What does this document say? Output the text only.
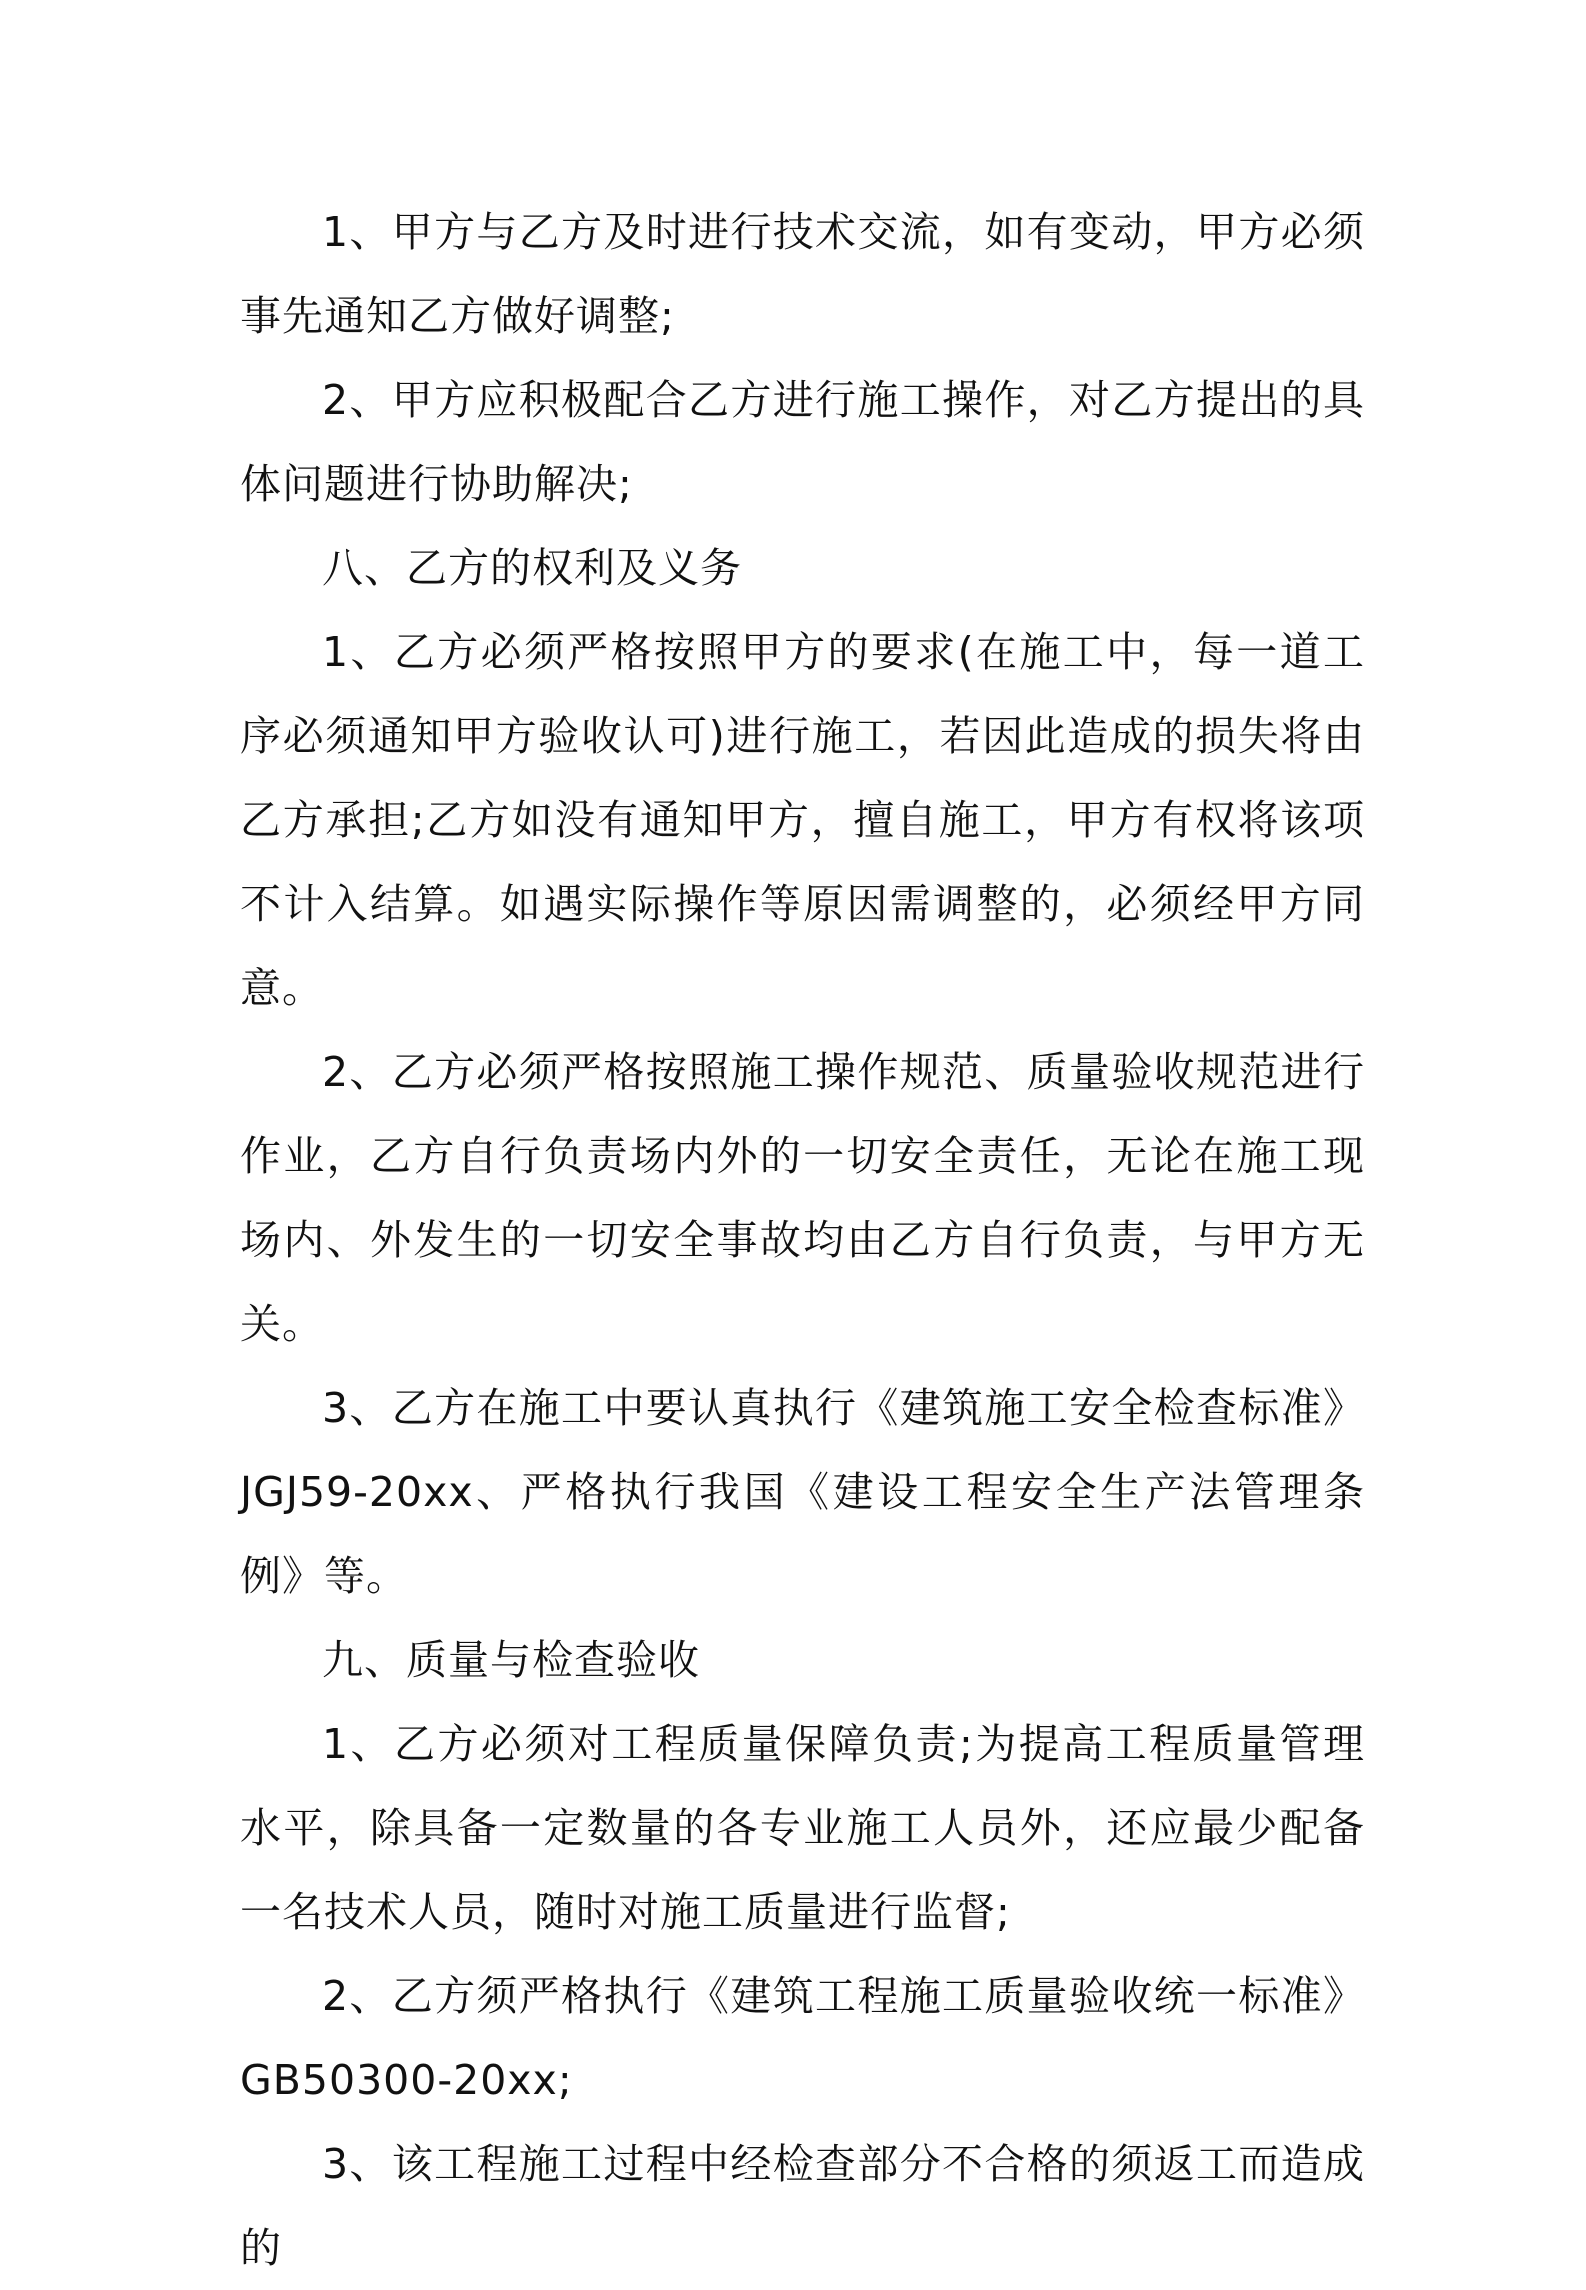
1、甲方与乙方及时进行技术交流，如有变动，甲方必须事先通知乙方做好调整;

2、甲方应积极配合乙方进行施工操作，对乙方提出的具体问题进行协助解决;

八、乙方的权利及义务

1、乙方必须严格按照甲方的要求(在施工中，每一道工序必须通知甲方验收认可)进行施工，若因此造成的损失将由乙方承担;乙方如没有通知甲方，擅自施工，甲方有权将该项不计入结算。如遇实际操作等原因需调整的，必须经甲方同意。

2、乙方必须严格按照施工操作规范、质量验收规范进行作业，乙方自行负责场内外的一切安全责任，无论在施工现场内、外发生的一切安全事故均由乙方自行负责，与甲方无关。

3、乙方在施工中要认真执行《建筑施工安全检查标准》JGJ59-20xx、严格执行我国《建设工程安全生产法管理条例》等。

九、质量与检查验收

1、乙方必须对工程质量保障负责;为提高工程质量管理水平，除具备一定数量的各专业施工人员外，还应最少配备一名技术人员，随时对施工质量进行监督;

2、乙方须严格执行《建筑工程施工质量验收统一标准》GB50300-20xx;

3、该工程施工过程中经检查部分不合格的须返工而造成的
